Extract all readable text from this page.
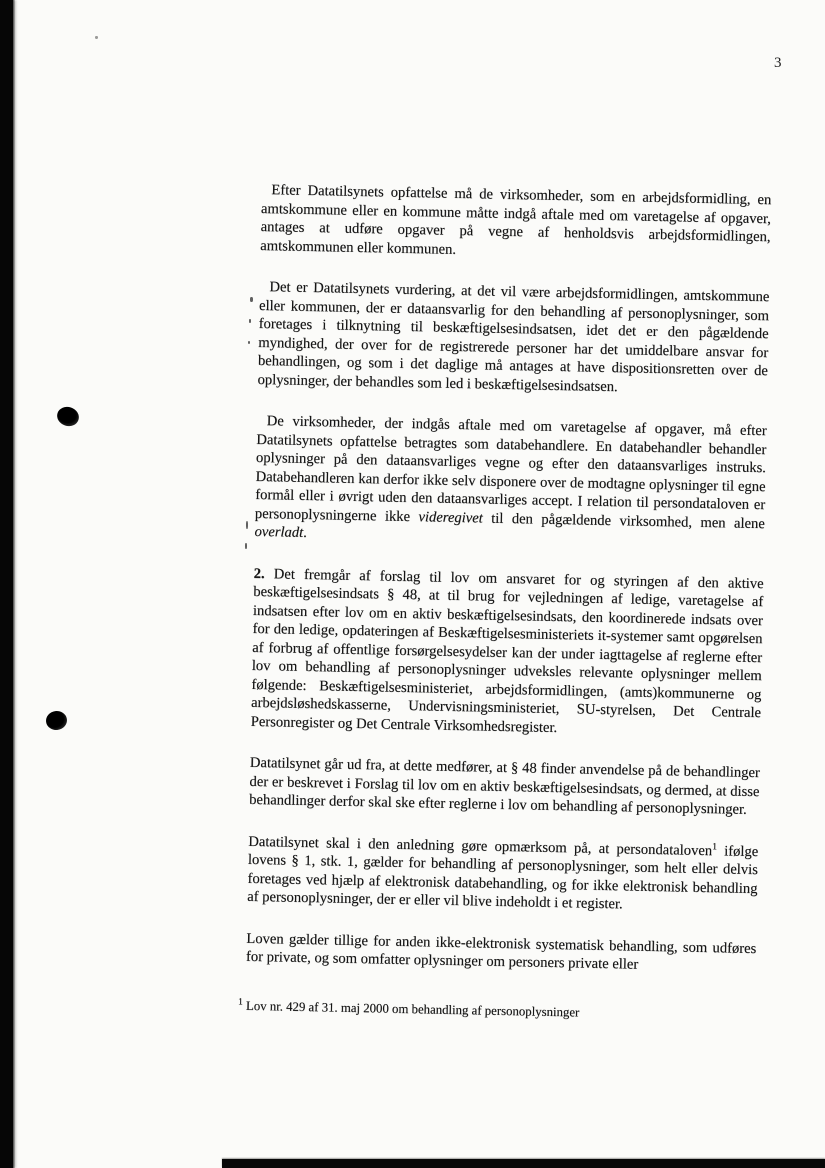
3

Efter Datatilsynets opfattelse må de virksomheder, som en arbejdsformidling, en amtskommune eller en kommune måtte indgå aftale med om varetagelse af opgaver, antages at udføre opgaver på vegne af henholdsvis arbejdsformidlingen, amtskommunen eller kommunen.

Det er Datatilsynets vurdering, at det vil være arbejdsformidlingen, amtskommune eller kommunen, der er dataansvarlig for den behandling af personoplysninger, som foretages i tilknytning til beskæftigelsesindsatsen, idet det er den pågældende myndighed, der over for de registrerede personer har det umiddelbare ansvar for behandlingen, og som i det daglige må antages at have dispositionsretten over de oplysninger, der behandles som led i beskæftigelsesindsatsen.

De virksomheder, der indgås aftale med om varetagelse af opgaver, må efter Datatilsynets opfattelse betragtes som databehandlere. En databehandler behandler oplysninger på den dataansvarliges vegne og efter den dataansvarliges instruks. Databehandleren kan derfor ikke selv disponere over de modtagne oplysninger til egne formål eller i øvrigt uden den dataansvarliges accept. I relation til persondataloven er personoplysningerne ikke videregivet til den pågældende virksomhed, men alene overladt.

2. Det fremgår af forslag til lov om ansvaret for og styringen af den aktive beskæftigelsesindsats § 48, at til brug for vejledningen af ledige, varetagelse af indsatsen efter lov om en aktiv beskæftigelsesindsats, den koordinerede indsats over for den ledige, opdateringen af Beskæftigelsesministeriets it-systemer samt opgørelsen af forbrug af offentlige forsørgelsesydelser kan der under iagttagelse af reglerne efter lov om behandling af personoplysninger udveksles relevante oplysninger mellem følgende: Beskæftigelsesministeriet, arbejdsformidlingen, (amts)kommunerne og arbejdsløshedskasserne, Undervisningsministeriet, SU-styrelsen, Det Centrale Personregister og Det Centrale Virksomhedsregister.

Datatilsynet går ud fra, at dette medfører, at § 48 finder anvendelse på de behandlinger der er beskrevet i Forslag til lov om en aktiv beskæftigelsesindsats, og dermed, at disse behandlinger derfor skal ske efter reglerne i lov om behandling af personoplysninger.

Datatilsynet skal i den anledning gøre opmærksom på, at persondataloven$^1$ ifølge lovens § 1, stk. 1, gælder for behandling af personoplysninger, som helt eller delvis foretages ved hjælp af elektronisk databehandling, og for ikke elektronisk behandling af personoplysninger, der er eller vil blive indeholdt i et register.

Loven gælder tillige for anden ikke-elektronisk systematisk behandling, som udføres for private, og som omfatter oplysninger om personers private eller

$^1$ Lov nr. 429 af 31. maj 2000 om behandling af personoplysninger
